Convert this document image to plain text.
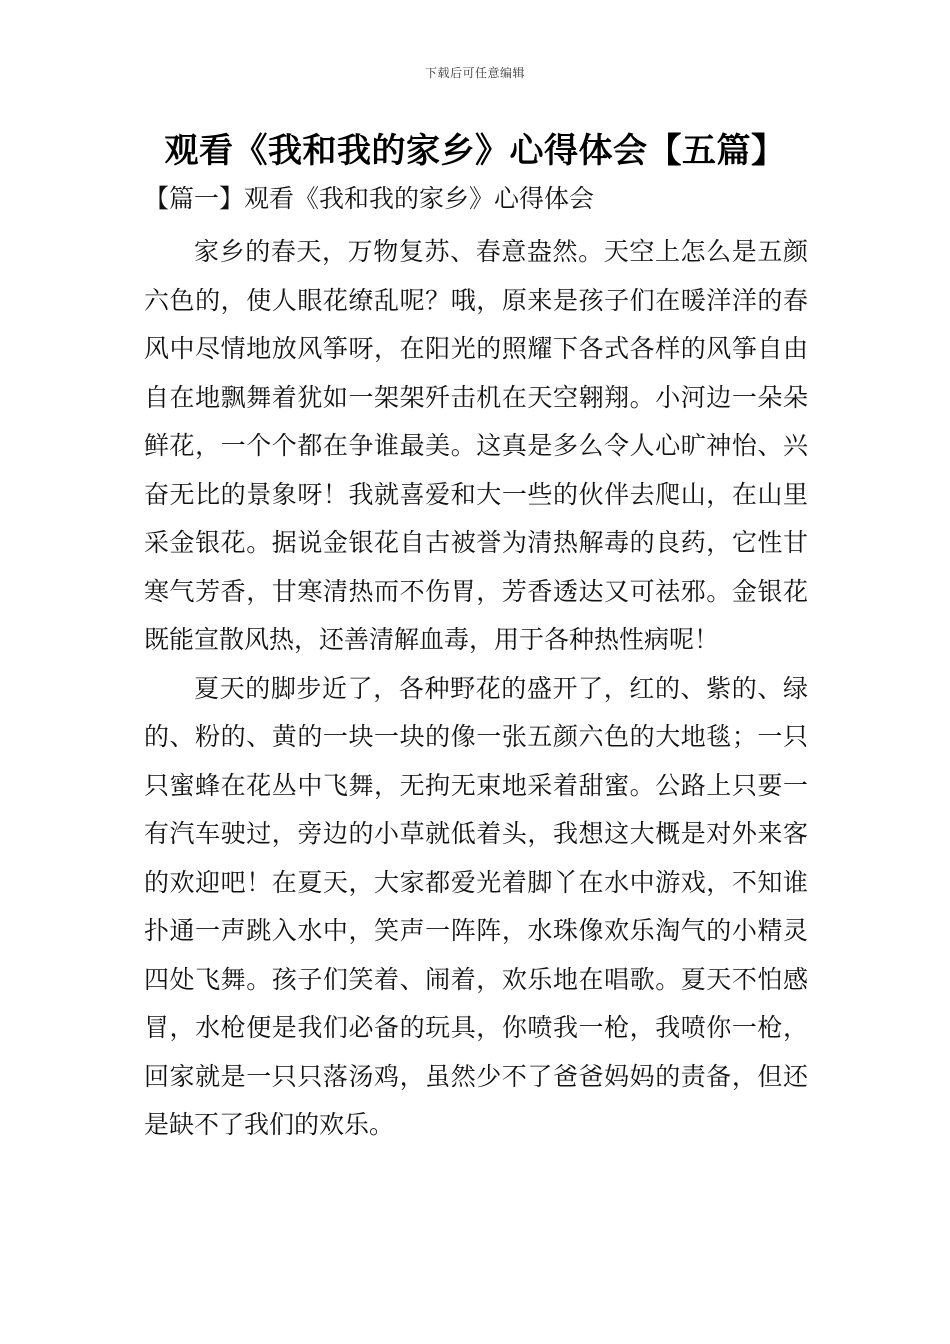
下载后可任意编辑
观看《我和我的家乡》心得体会【五篇】
【篇一】观看《我和我的家乡》心得体会

家乡的春天，万物复苏、春意盎然。天空上怎么是五颜六色的，使人眼花缭乱呢？哦，原来是孩子们在暖洋洋的春风中尽情地放风筝呀，在阳光的照耀下各式各样的风筝自由自在地飘舞着犹如一架架歼击机在天空翱翔。小河边一朵朵鲜花，一个个都在争谁最美。这真是多么令人心旷神怡、兴奋无比的景象呀！我就喜爱和大一些的伙伴去爬山，在山里采金银花。据说金银花自古被誉为清热解毒的良药，它性甘寒气芳香，甘寒清热而不伤胃，芳香透达又可祛邪。金银花既能宣散风热，还善清解血毒，用于各种热性病呢！

夏天的脚步近了，各种野花的盛开了，红的、紫的、绿的、粉的、黄的一块一块的像一张五颜六色的大地毯；一只只蜜蜂在花丛中飞舞，无拘无束地采着甜蜜。公路上只要一有汽车驶过，旁边的小草就低着头，我想这大概是对外来客的欢迎吧！在夏天，大家都爱光着脚丫在水中游戏，不知谁扑通一声跳入水中，笑声一阵阵，水珠像欢乐淘气的小精灵四处飞舞。孩子们笑着、闹着，欢乐地在唱歌。夏天不怕感冒，水枪便是我们必备的玩具，你喷我一枪，我喷你一枪，回家就是一只只落汤鸡，虽然少不了爸爸妈妈的责备，但还是缺不了我们的欢乐。
